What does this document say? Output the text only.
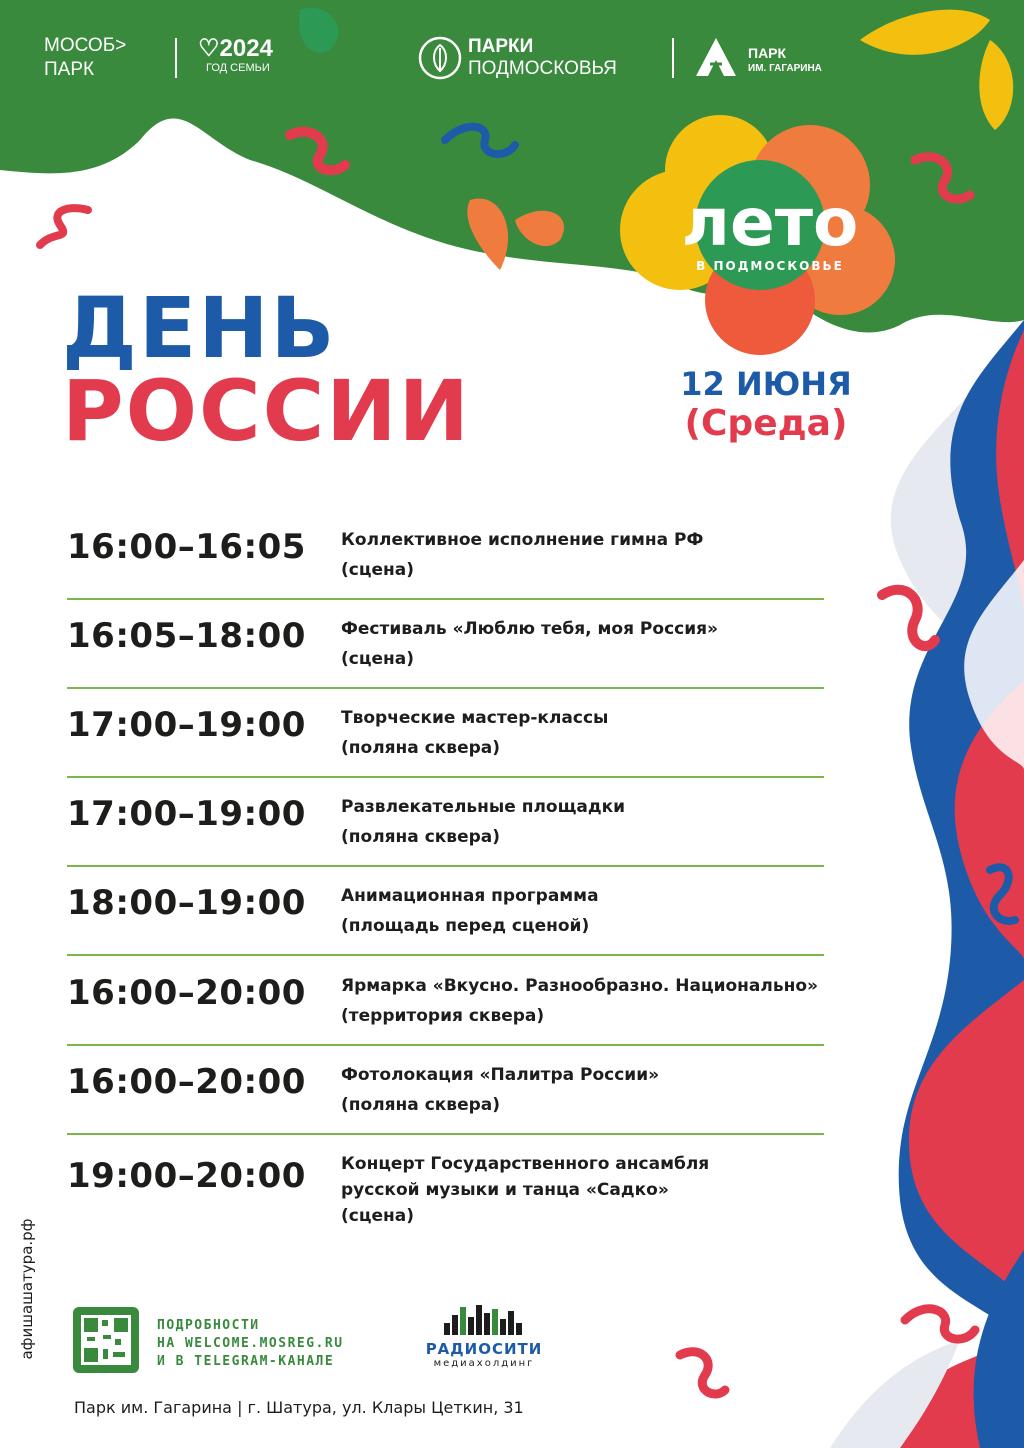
МОСОБ>
ПАРК
♡2024
ГОД СЕМЬИ
ПАРКИ
ПОДМОСКОВЬЯ
ПАРК
ИМ. ГАГАРИНА
лето
В ПОДМОСКОВЬЕ
ДЕНЬ
РОССИИ	12 ИЮНЯ
(Среда)
16:00–16:05 Коллективное исполнение гимна РФ
(сцена)
16:05–18:00 Фестиваль «Люблю тебя, моя Россия»
(сцена)
17:00–19:00 Творческие мастер-классы
(поляна сквера)
17:00–19:00 Развлекательные площадки
(поляна сквера)
18:00–19:00 Анимационная программа
(площадь перед сценой)
16:00–20:00 Ярмарка «Вкусно. Разнообразно. Национально»
(территория сквера)
16:00–20:00 Фотолокация «Палитра России»
(поляна сквера)
19:00–20:00 Концерт Государственного ансамбля
русской музыки и танца «Садко»
(сцена)
афишашатура.рф	ПОДРОБНОСТИ
НА WELCOME.MOSREG.RU
И В TELEGRAM-КАНАЛЕ
РАДИОСИТИ
медиахолдинг
Парк им. Гагарина | г. Шатура, ул. Клары Цеткин, 31
